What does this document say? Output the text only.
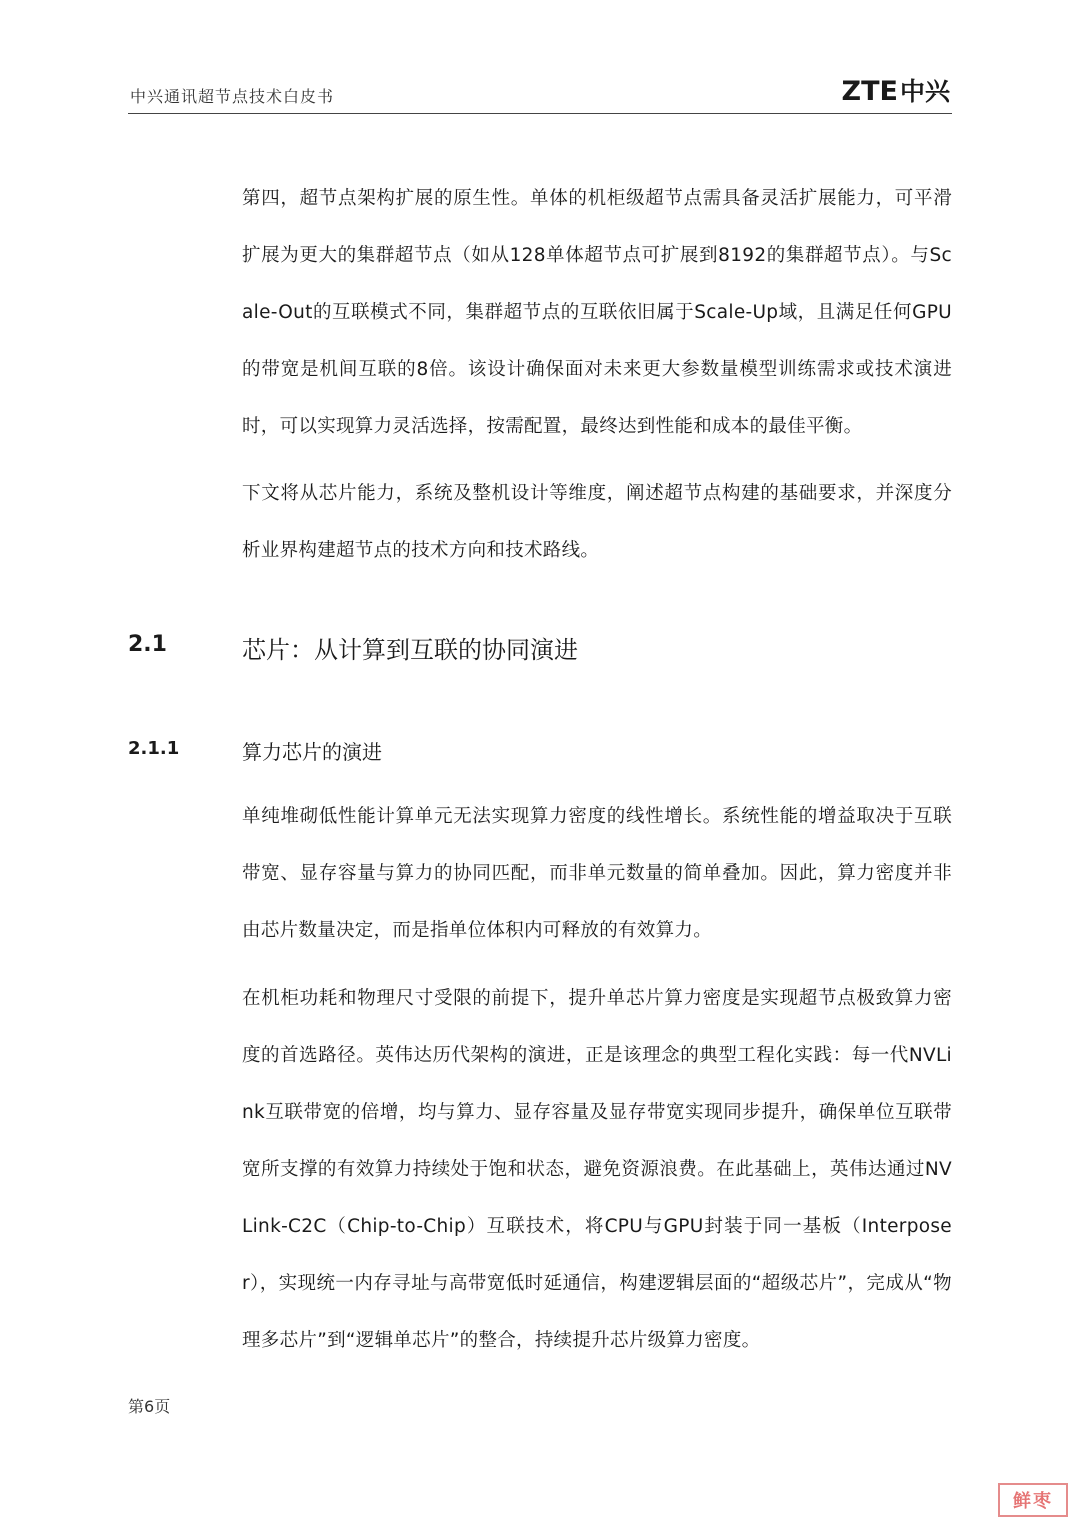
中兴通讯超节点技术白皮书	ZTE 中兴

第四，超节点架构扩展的原生性。单体的机柜级超节点需具备灵活扩展能力，可平滑扩展为更大的集群超节点（如从128单体超节点可扩展到8192的集群超节点）。与Scale-Out的互联模式不同，集群超节点的互联依旧属于Scale-Up域，且满足任何GPU的带宽是机间互联的8倍。该设计确保面对未来更大参数量模型训练需求或技术演进时，可以实现算力灵活选择，按需配置，最终达到性能和成本的最佳平衡。

下文将从芯片能力，系统及整机设计等维度，阐述超节点构建的基础要求，并深度分析业界构建超节点的技术方向和技术路线。

2.1	芯片：从计算到互联的协同演进
2.1.1	算力芯片的演进

单纯堆砌低性能计算单元无法实现算力密度的线性增长。系统性能的增益取决于互联带宽、显存容量与算力的协同匹配，而非单元数量的简单叠加。因此，算力密度并非由芯片数量决定，而是指单位体积内可释放的有效算力。

在机柜功耗和物理尺寸受限的前提下，提升单芯片算力密度是实现超节点极致算力密度的首选路径。英伟达历代架构的演进，正是该理念的典型工程化实践：每一代NVLink互联带宽的倍增，均与算力、显存容量及显存带宽实现同步提升，确保单位互联带宽所支撑的有效算力持续处于饱和状态，避免资源浪费。在此基础上，英伟达通过NVLink-C2C（Chip-to-Chip）互联技术，将CPU与GPU封装于同一基板（Interposer），实现统一内存寻址与高带宽低时延通信，构建逻辑层面的“超级芯片”，完成从“物理多芯片”到“逻辑单芯片”的整合，持续提升芯片级算力密度。

第6页
鲜枣
